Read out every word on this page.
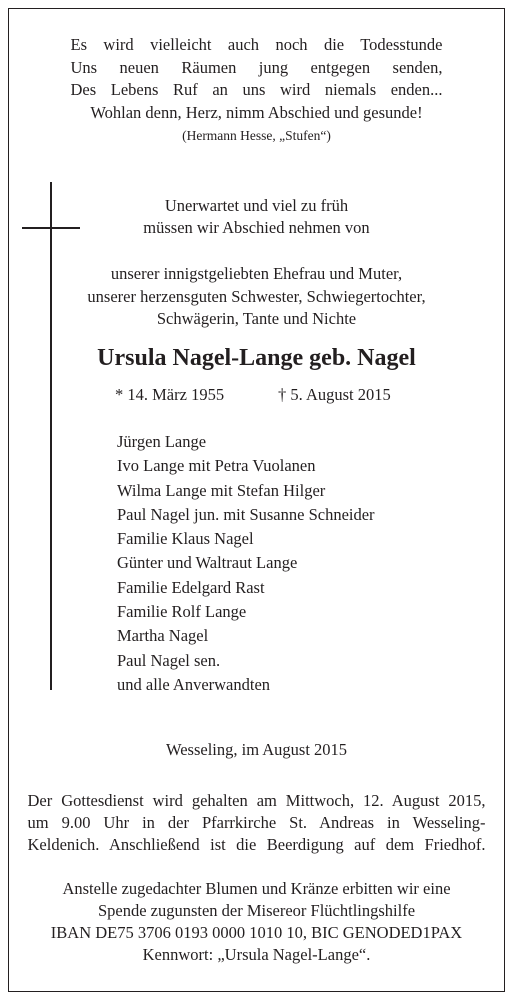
Es wird vielleicht auch noch die Todesstunde
Uns neuen Räumen jung entgegen senden,
Des Lebens Ruf an uns wird niemals enden...
Wohlan denn, Herz, nimm Abschied und gesunde!
(Hermann Hesse, „Stufen“)
Unerwartet und viel zu früh
müssen wir Abschied nehmen von
unserer innigstgeliebten Ehefrau und Muter,
unserer herzensguten Schwester, Schwiegertochter,
Schwägerin, Tante und Nichte
Ursula Nagel-Lange geb. Nagel
* 14. März 1955	† 5. August 2015
Jürgen Lange
Ivo Lange mit Petra Vuolanen
Wilma Lange mit Stefan Hilger
Paul Nagel jun. mit Susanne Schneider
Familie Klaus Nagel
Günter und Waltraut Lange
Familie Edelgard Rast
Familie Rolf Lange
Martha Nagel
Paul Nagel sen.
und alle Anverwandten
Wesseling, im August 2015
Der Gottesdienst wird gehalten am Mittwoch, 12. August 2015,
um 9.00 Uhr in der Pfarrkirche St. Andreas in Wesseling-
Keldenich. Anschließend ist die Beerdigung auf dem Friedhof.
Anstelle zugedachter Blumen und Kränze erbitten wir eine
Spende zugunsten der Misereor Flüchtlingshilfe
IBAN DE75 3706 0193 0000 1010 10, BIC GENODED1PAX
Kennwort: „Ursula Nagel-Lange“.
